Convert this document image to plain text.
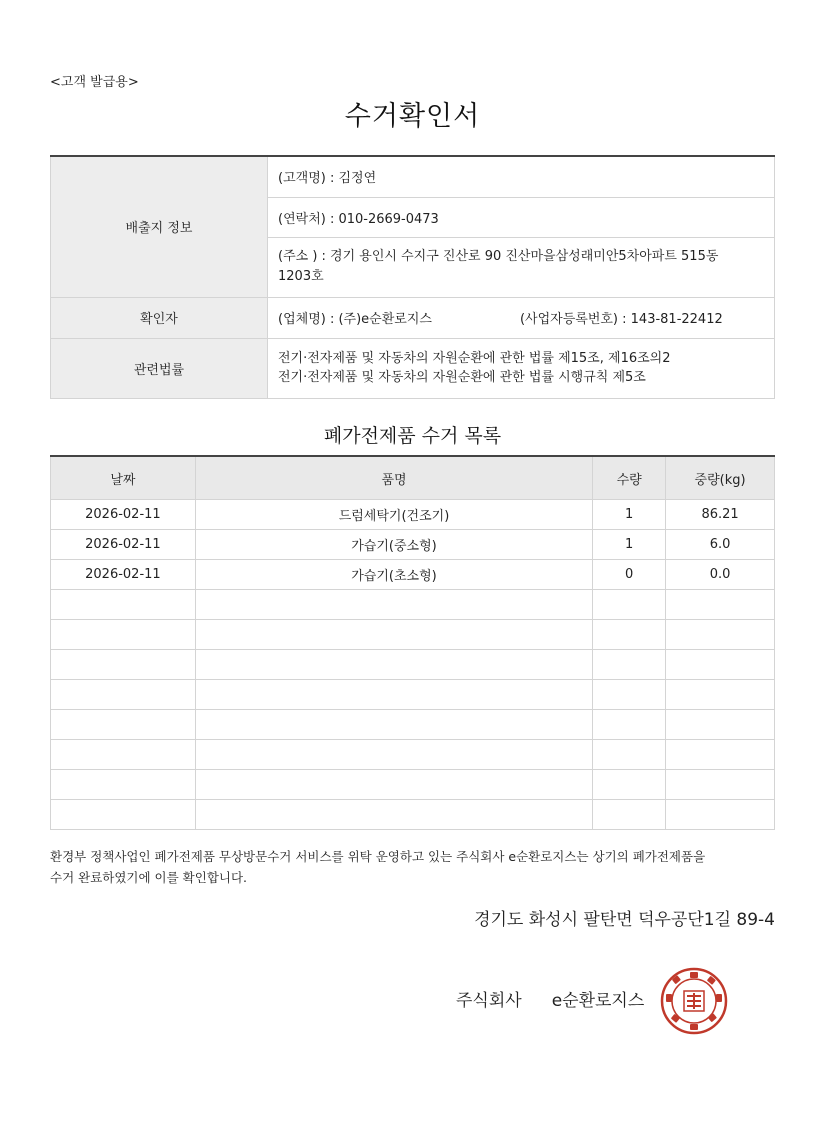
<고객 발급용>
수거확인서
배출지 정보	(고객명) : 김정연
	(연락처) : 010-2669-0473

	(주소 ) : 경기 용인시 수지구 진산로 90 진산마을삼성래미안5차아파트 515동
1203호

확인자	(업체명) : (주)e순환로지스 (사업자등록번호) : 143-81-22412
관련법률	전기·전자제품 및 자동차의 자원순환에 관한 법률 제15조, 제16조의2
전기·전자제품 및 자동차의 자원순환에 관한 법률 시행규칙 제5조
폐가전제품 수거 목록
날짜	품명	수량	중량(kg)
2026-02-11	드럼세탁기(건조기)	1	86.21
2026-02-11	가습기(중소형)	1	6.0
2026-02-11	가습기(초소형)	0	0.0

환경부 정책사업인 폐가전제품 무상방문수거 서비스를 위탁 운영하고 있는 주식회사 e순환로지스는 상기의 폐가전제품을
수거 완료하였기에 이를 확인합니다.
경기도 화성시 팔탄면 덕우공단1길 89-4
주식회사 e순환로지스
